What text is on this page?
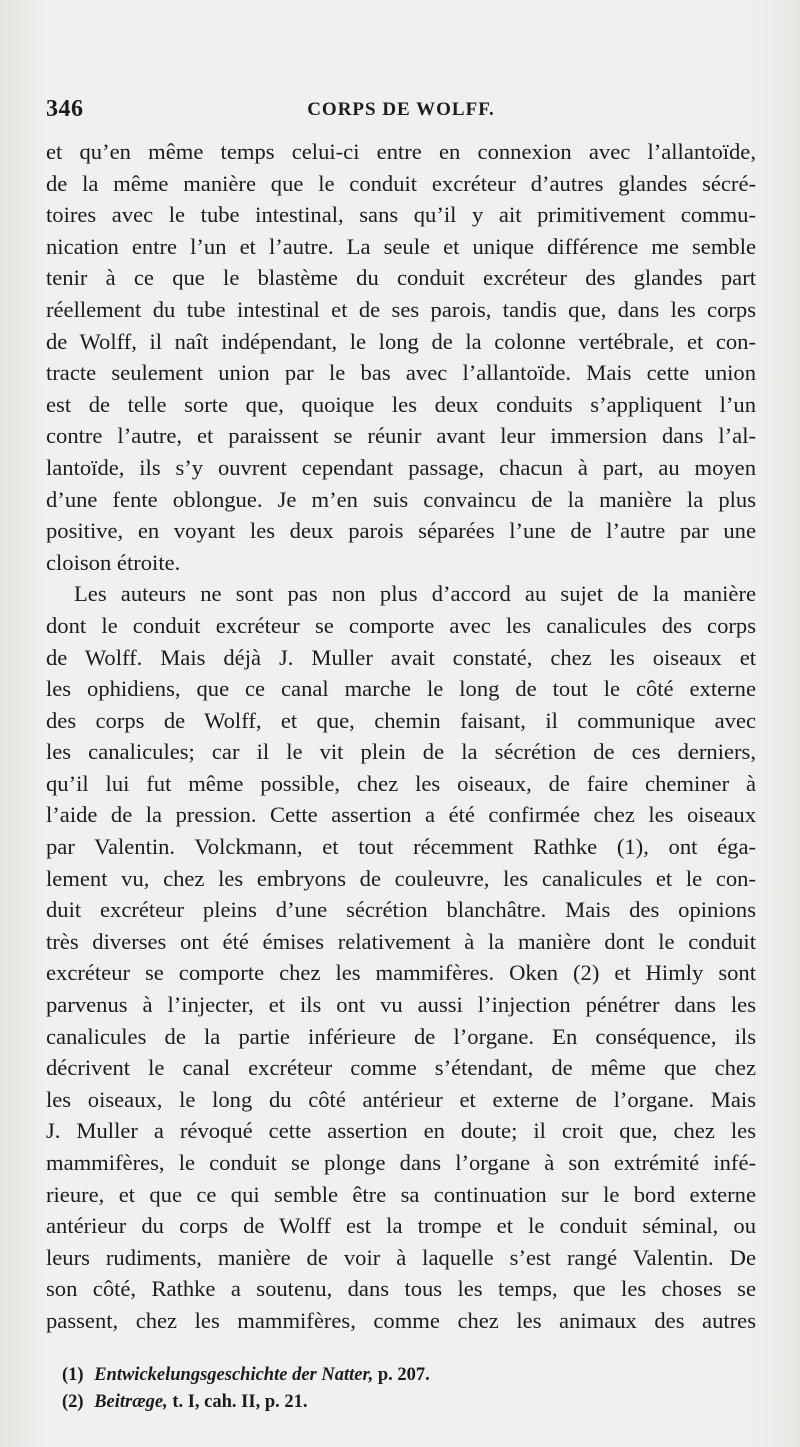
346	CORPS DE WOLFF.
et qu’en même temps celui-ci entre en connexion avec l’allantoïde,
de la même manière que le conduit excréteur d’autres glandes sécré-
toires avec le tube intestinal, sans qu’il y ait primitivement commu-
nication entre l’un et l’autre. La seule et unique différence me semble
tenir à ce que le blastème du conduit excréteur des glandes part
réellement du tube intestinal et de ses parois, tandis que, dans les corps
de Wolff, il naît indépendant, le long de la colonne vertébrale, et con-
tracte seulement union par le bas avec l’allantoïde. Mais cette union
est de telle sorte que, quoique les deux conduits s’appliquent l’un
contre l’autre, et paraissent se réunir avant leur immersion dans l’al-
lantoïde, ils s’y ouvrent cependant passage, chacun à part, au moyen
d’une fente oblongue. Je m’en suis convaincu de la manière la plus
positive, en voyant les deux parois séparées l’une de l’autre par une
cloison étroite.
Les auteurs ne sont pas non plus d’accord au sujet de la manière
dont le conduit excréteur se comporte avec les canalicules des corps
de Wolff. Mais déjà J. Muller avait constaté, chez les oiseaux et
les ophidiens, que ce canal marche le long de tout le côté externe
des corps de Wolff, et que, chemin faisant, il communique avec
les canalicules; car il le vit plein de la sécrétion de ces derniers,
qu’il lui fut même possible, chez les oiseaux, de faire cheminer à
l’aide de la pression. Cette assertion a été confirmée chez les oiseaux
par Valentin. Volckmann, et tout récemment Rathke (1), ont éga-
lement vu, chez les embryons de couleuvre, les canalicules et le con-
duit excréteur pleins d’une sécrétion blanchâtre. Mais des opinions
très diverses ont été émises relativement à la manière dont le conduit
excréteur se comporte chez les mammifères. Oken (2) et Himly sont
parvenus à l’injecter, et ils ont vu aussi l’injection pénétrer dans les
canalicules de la partie inférieure de l’organe. En conséquence, ils
décrivent le canal excréteur comme s’étendant, de même que chez
les oiseaux, le long du côté antérieur et externe de l’organe. Mais
J. Muller a révoqué cette assertion en doute; il croit que, chez les
mammifères, le conduit se plonge dans l’organe à son extrémité infé-
rieure, et que ce qui semble être sa continuation sur le bord externe
antérieur du corps de Wolff est la trompe et le conduit séminal, ou
leurs rudiments, manière de voir à laquelle s’est rangé Valentin. De
son côté, Rathke a soutenu, dans tous les temps, que les choses se
passent, chez les mammifères, comme chez les animaux des autres
(1) Entwickelungsgeschichte der Natter, p. 207.
(2) Beitræge, t. I, cah. II, p. 21.
